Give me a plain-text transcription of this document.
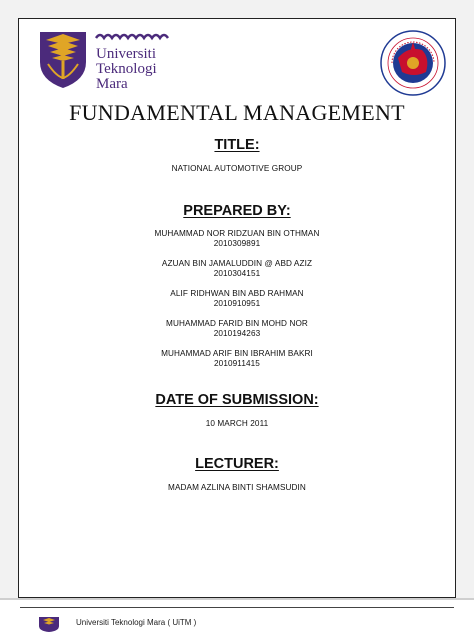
Universiti
Teknologi
Mara
FUNDAMENTAL MANAGEMENT
TITLE:
NATIONAL AUTOMOTIVE GROUP
PREPARED BY:
MUHAMMAD NOR RIDZUAN BIN OTHMAN
2010309891
AZUAN BIN JAMALUDDIN @ ABD AZIZ
2010304151
ALIF RIDHWAN BIN ABD RAHMAN
2010910951
MUHAMMAD FARID BIN MOHD NOR
2010194263
MUHAMMAD ARIF BIN IBRAHIM BAKRI
2010911415
DATE OF SUBMISSION:
10 MARCH 2011
LECTURER:
MADAM AZLINA BINTI SHAMSUDIN
Universiti Teknologi Mara ( UiTM )
